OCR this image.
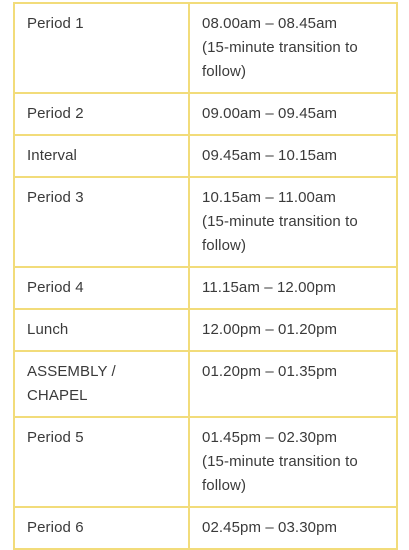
Period 1	08.00am – 08.45am
(15-minute transition to follow)

Period 2	09.00am – 09.45am

Interval	09.45am – 10.15am

Period 3	10.15am – 11.00am
(15-minute transition to follow)

Period 4	11.15am – 12.00pm

Lunch	12.00pm – 01.20pm

ASSEMBLY / CHAPEL	01.20pm – 01.35pm

Period 5	01.45pm – 02.30pm
(15-minute transition to follow)

Period 6	02.45pm – 03.30pm
